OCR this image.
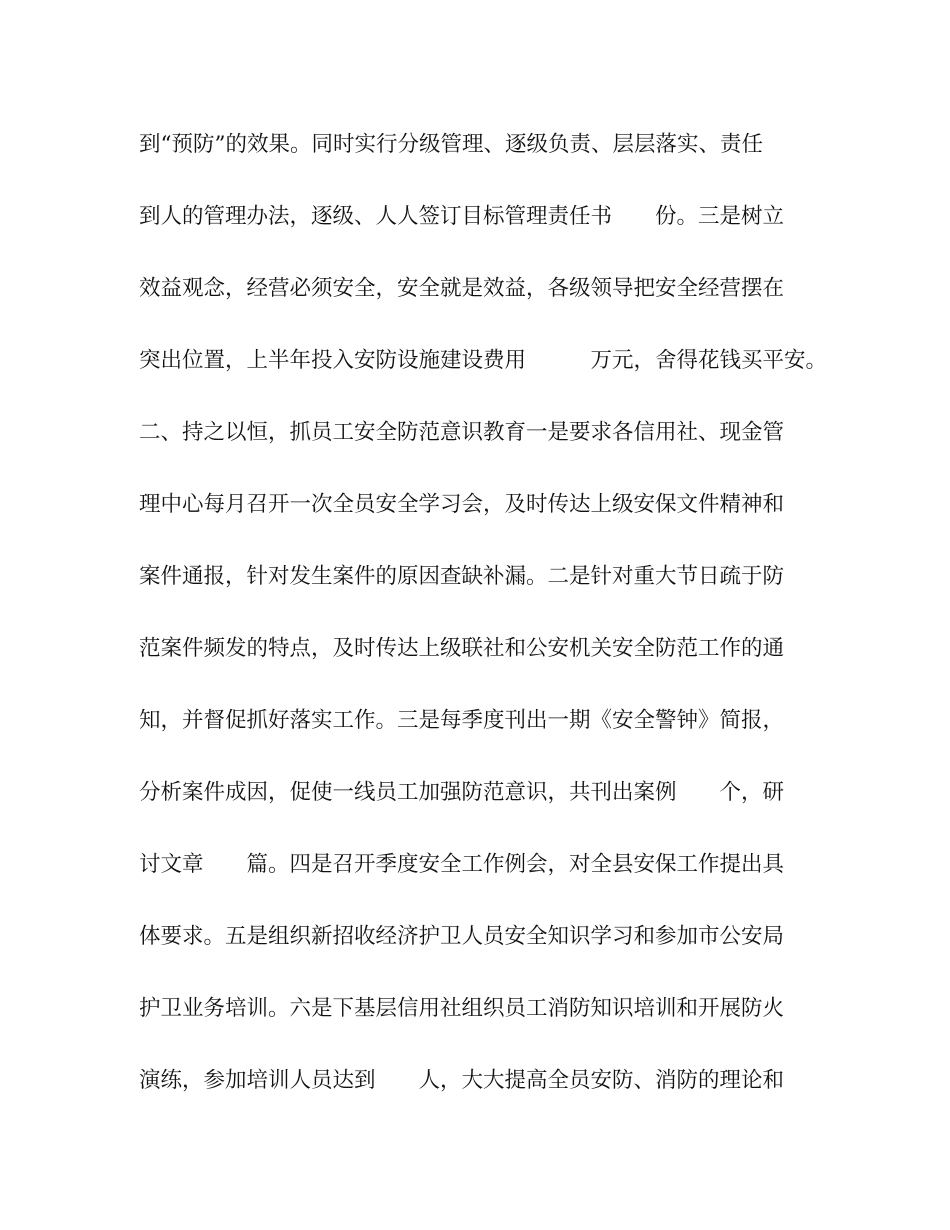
到“预防”的效果。同时实行分级管理、逐级负责、层层落实、责任
到人的管理办法，逐级、人人签订目标管理责任书　　份。三是树立
效益观念，经营必须安全，安全就是效益，各级领导把安全经营摆在
突出位置，上半年投入安防设施建设费用　　　万元，舍得花钱买平安。
二、持之以恒，抓员工安全防范意识教育一是要求各信用社、现金管
理中心每月召开一次全员安全学习会，及时传达上级安保文件精神和
案件通报，针对发生案件的原因查缺补漏。二是针对重大节日疏于防
范案件频发的特点，及时传达上级联社和公安机关安全防范工作的通
知，并督促抓好落实工作。三是每季度刊出一期《安全警钟》简报，
分析案件成因，促使一线员工加强防范意识，共刊出案例　　个，研
讨文章　　篇。四是召开季度安全工作例会，对全县安保工作提出具
体要求。五是组织新招收经济护卫人员安全知识学习和参加市公安局
护卫业务培训。六是下基层信用社组织员工消防知识培训和开展防火
演练，参加培训人员达到　　人，大大提高全员安防、消防的理论和
